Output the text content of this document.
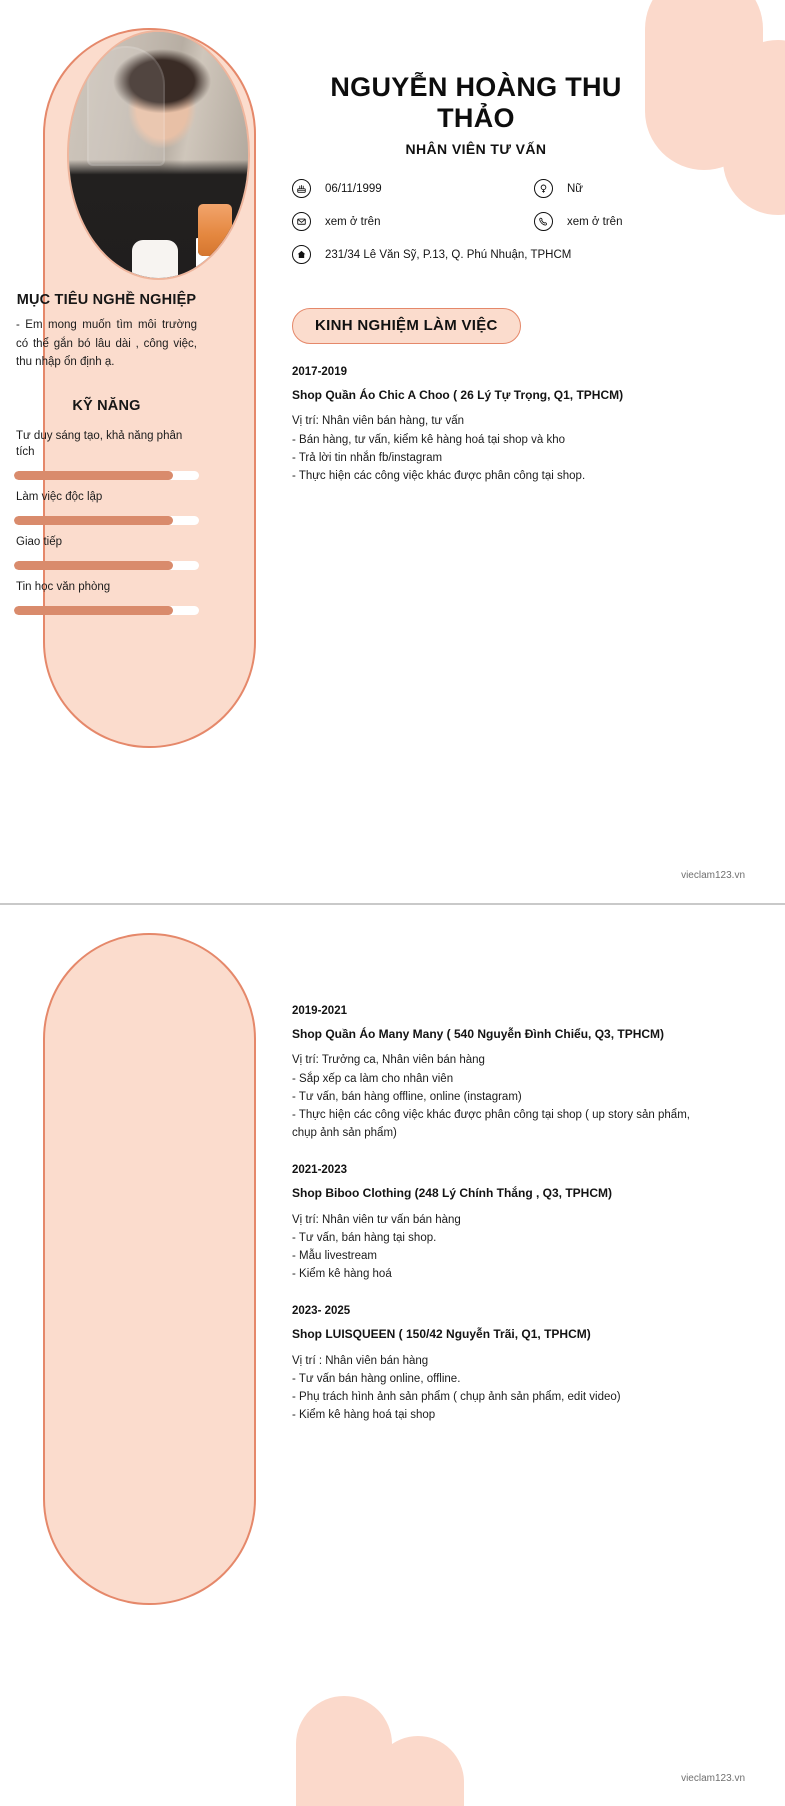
MỤC TIÊU NGHỀ NGHIỆP
- Em mong muốn tìm môi trường có thể gắn bó lâu dài , công việc, thu nhập ổn định ạ.
KỸ NĂNG
Tư duy sáng tạo, khả năng phân tích
Làm việc độc lập
Giao tiếp
Tin học văn phòng
NGUYỄN HOÀNG THU THẢO
NHÂN VIÊN TƯ VẤN
06/11/1999	Nữ
xem ở trên	xem ở trên
231/34 Lê Văn Sỹ, P.13, Q. Phú Nhuận, TPHCM
KINH NGHIỆM LÀM VIỆC
2017-2019
Shop Quần Áo Chic A Choo ( 26 Lý Tự Trọng, Q1, TPHCM)
Vị trí: Nhân viên bán hàng, tư vấn
- Bán hàng, tư vấn, kiểm kê hàng hoá tại shop và kho
- Trả lời tin nhắn fb/instagram
- Thực hiện các công việc khác được phân công tại shop.
vieclam123.vn
2019-2021
Shop Quần Áo Many Many ( 540 Nguyễn Đình Chiểu, Q3, TPHCM)
Vị trí: Trưởng ca, Nhân viên bán hàng
- Sắp xếp ca làm cho nhân viên
- Tư vấn, bán hàng offline, online (instagram)
- Thực hiện các công việc khác được phân công tại shop ( up story sản phẩm, chụp ảnh sản phẩm)
2021-2023
Shop Biboo Clothing (248 Lý Chính Thắng , Q3, TPHCM)
Vị trí: Nhân viên tư vấn bán hàng
- Tư vấn, bán hàng tại shop.
- Mẫu livestream
- Kiểm kê hàng hoá
2023- 2025
Shop LUISQUEEN ( 150/42 Nguyễn Trãi, Q1, TPHCM)
Vị trí : Nhân viên bán hàng
- Tư vấn bán hàng online, offline.
- Phụ trách hình ảnh sản phẩm ( chụp ảnh sản phẩm, edit video)
- Kiểm kê hàng hoá tại shop
vieclam123.vn
